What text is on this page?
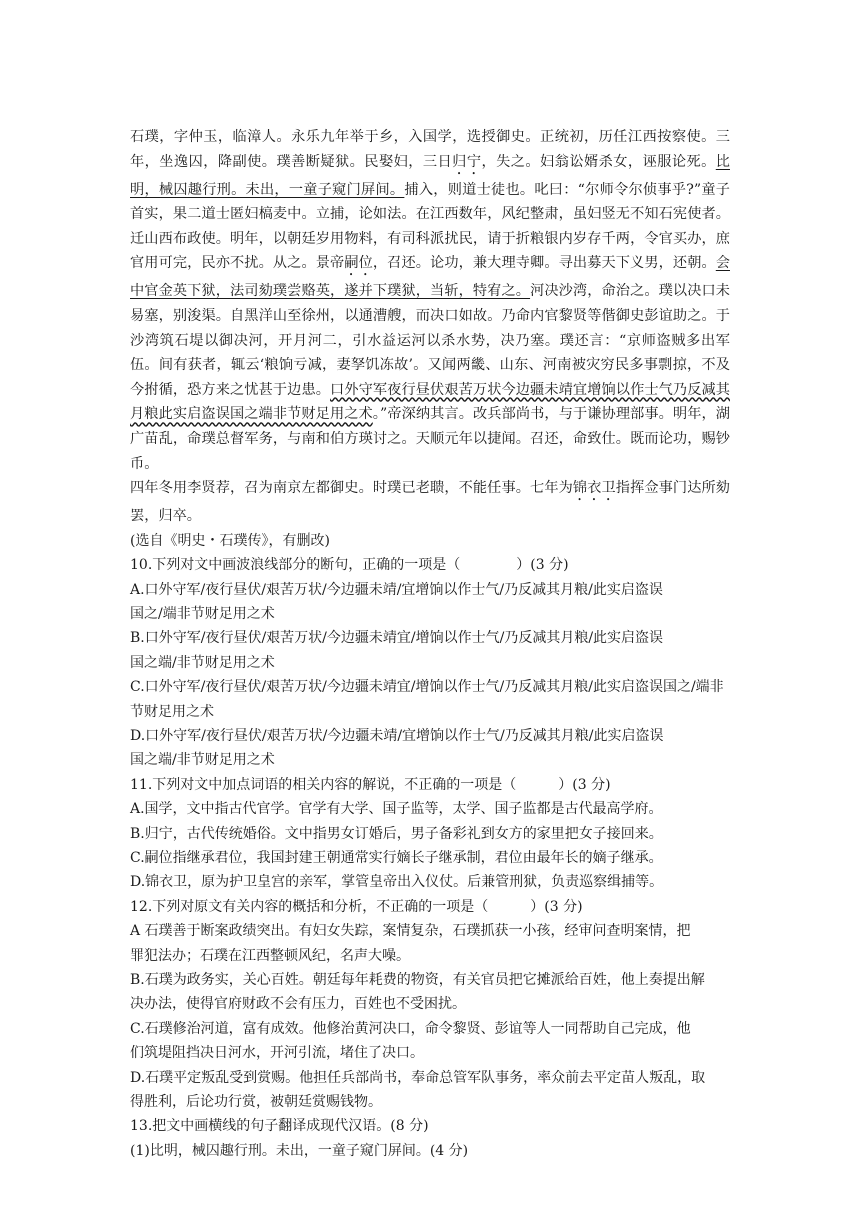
石璞，字仲玉，临漳人。永乐九年举于乡，入国学，选授御史。正统初，历任江西按察使。三年，坐逸囚，降副使。璞善断疑狱。民娶妇，三日归宁，失之。妇翁讼婿杀女，诬服论死。比明，械囚趣行刑。未出，一童子窥门屏间。捕入，则道士徒也。叱曰：“尔师令尔侦事乎?”童子首实，果二道士匿妇槁麦中。立捕，论如法。在江西数年，风纪整肃，虽妇竖无不知石宪使者。迁山西布政使。明年，以朝廷岁用物料，有司科派扰民，请于折粮银内岁存千两，令官买办，庶官用可完，民亦不扰。从之。景帝嗣位，召还。论功，兼大理寺卿。寻出募天下义男，还朝。会中官金英下狱，法司劾璞尝赂英，遂并下璞狱，当斩，特宥之。河决沙湾，命治之。璞以决口未易塞，别浚渠。自黑洋山至徐州，以通漕艘，而决口如故。乃命内官黎贤等偕御史彭谊助之。于沙湾筑石堤以御决河，开月河二，引水益运河以杀水势，决乃塞。璞还言：“京师盗贼多出军伍。间有获者，辄云‘粮饷亏减，妻孥饥冻故’。又闻两畿、山东、河南被灾穷民多事剽掠，不及今拊循，恐方来之忧甚于边患。口外守军夜行昼伏艰苦万状今边疆未靖宜增饷以作士气乃反减其月粮此实启盗误国之端非节财足用之术。”帝深纳其言。改兵部尚书，与于谦协理部事。明年，湖广苗乱，命璞总督军务，与南和伯方瑛讨之。天顺元年以捷闻。召还，命致仕。既而论功，赐钞币。

四年冬用李贤荐，召为南京左都御史。时璞已老聩，不能任事。七年为锦衣卫指挥佥事门达所劾罢，归卒。

(选自《明史・石璞传》，有删改)

10.下列对文中画波浪线部分的断句，正确的一项是（　　　　）(3 分)

A.口外守军/夜行昼伏/艰苦万状/今边疆未靖/宜增饷以作士气/乃反减其月粮/此实启盗误

国之/端非节财足用之术

B.口外守军/夜行昼伏/艰苦万状/今边疆未靖宜/增饷以作士气/乃反减其月粮/此实启盗误

国之端/非节财足用之术

C.口外守军/夜行昼伏/艰苦万状/今边疆未靖宜/增饷以作士气/乃反减其月粮/此实启盗误国之/端非节财足用之术

D.口外守军/夜行昼伏/艰苦万状/今边疆未靖/宜增饷以作士气/乃反减其月粮/此实启盗误

国之端/非节财足用之术

11.下列对文中加点词语的相关内容的解说，不正确的一项是（　　　）(3 分)

A.国学，文中指古代官学。官学有大学、国子监等，太学、国子监都是古代最高学府。

B.归宁，古代传统婚俗。文中指男女订婚后，男子备彩礼到女方的家里把女子接回来。

C.嗣位指继承君位，我国封建王朝通常实行嫡长子继承制，君位由最年长的嫡子继承。

D.锦衣卫，原为护卫皇宫的亲军，掌管皇帝出入仪仗。后兼管刑狱，负责巡察缉捕等。

12.下列对原文有关内容的概括和分析，不正确的一项是（　　　）(3 分)

A 石璞善于断案政绩突出。有妇女失踪，案情复杂，石璞抓获一小孩，经审问查明案情，把

罪犯法办；石璞在江西整顿风纪，名声大噪。

B.石璞为政务实，关心百姓。朝廷每年耗费的物资，有关官员把它摊派给百姓，他上奏提出解

决办法，使得官府财政不会有压力，百姓也不受困扰。

C.石璞修治河道，富有成效。他修治黄河决口，命令黎贤、彭谊等人一同帮助自己完成，他

们筑堤阻挡决日河水，开河引流，堵住了决口。

D.石璞平定叛乱受到赏赐。他担任兵部尚书，奉命总管军队事务，率众前去平定苗人叛乱，取

得胜利，后论功行赏，被朝廷赏赐钱物。

13.把文中画横线的句子翻译成现代汉语。(8 分)

(1)比明，械囚趣行刑。未出，一童子窥门屏间。(4 分)
